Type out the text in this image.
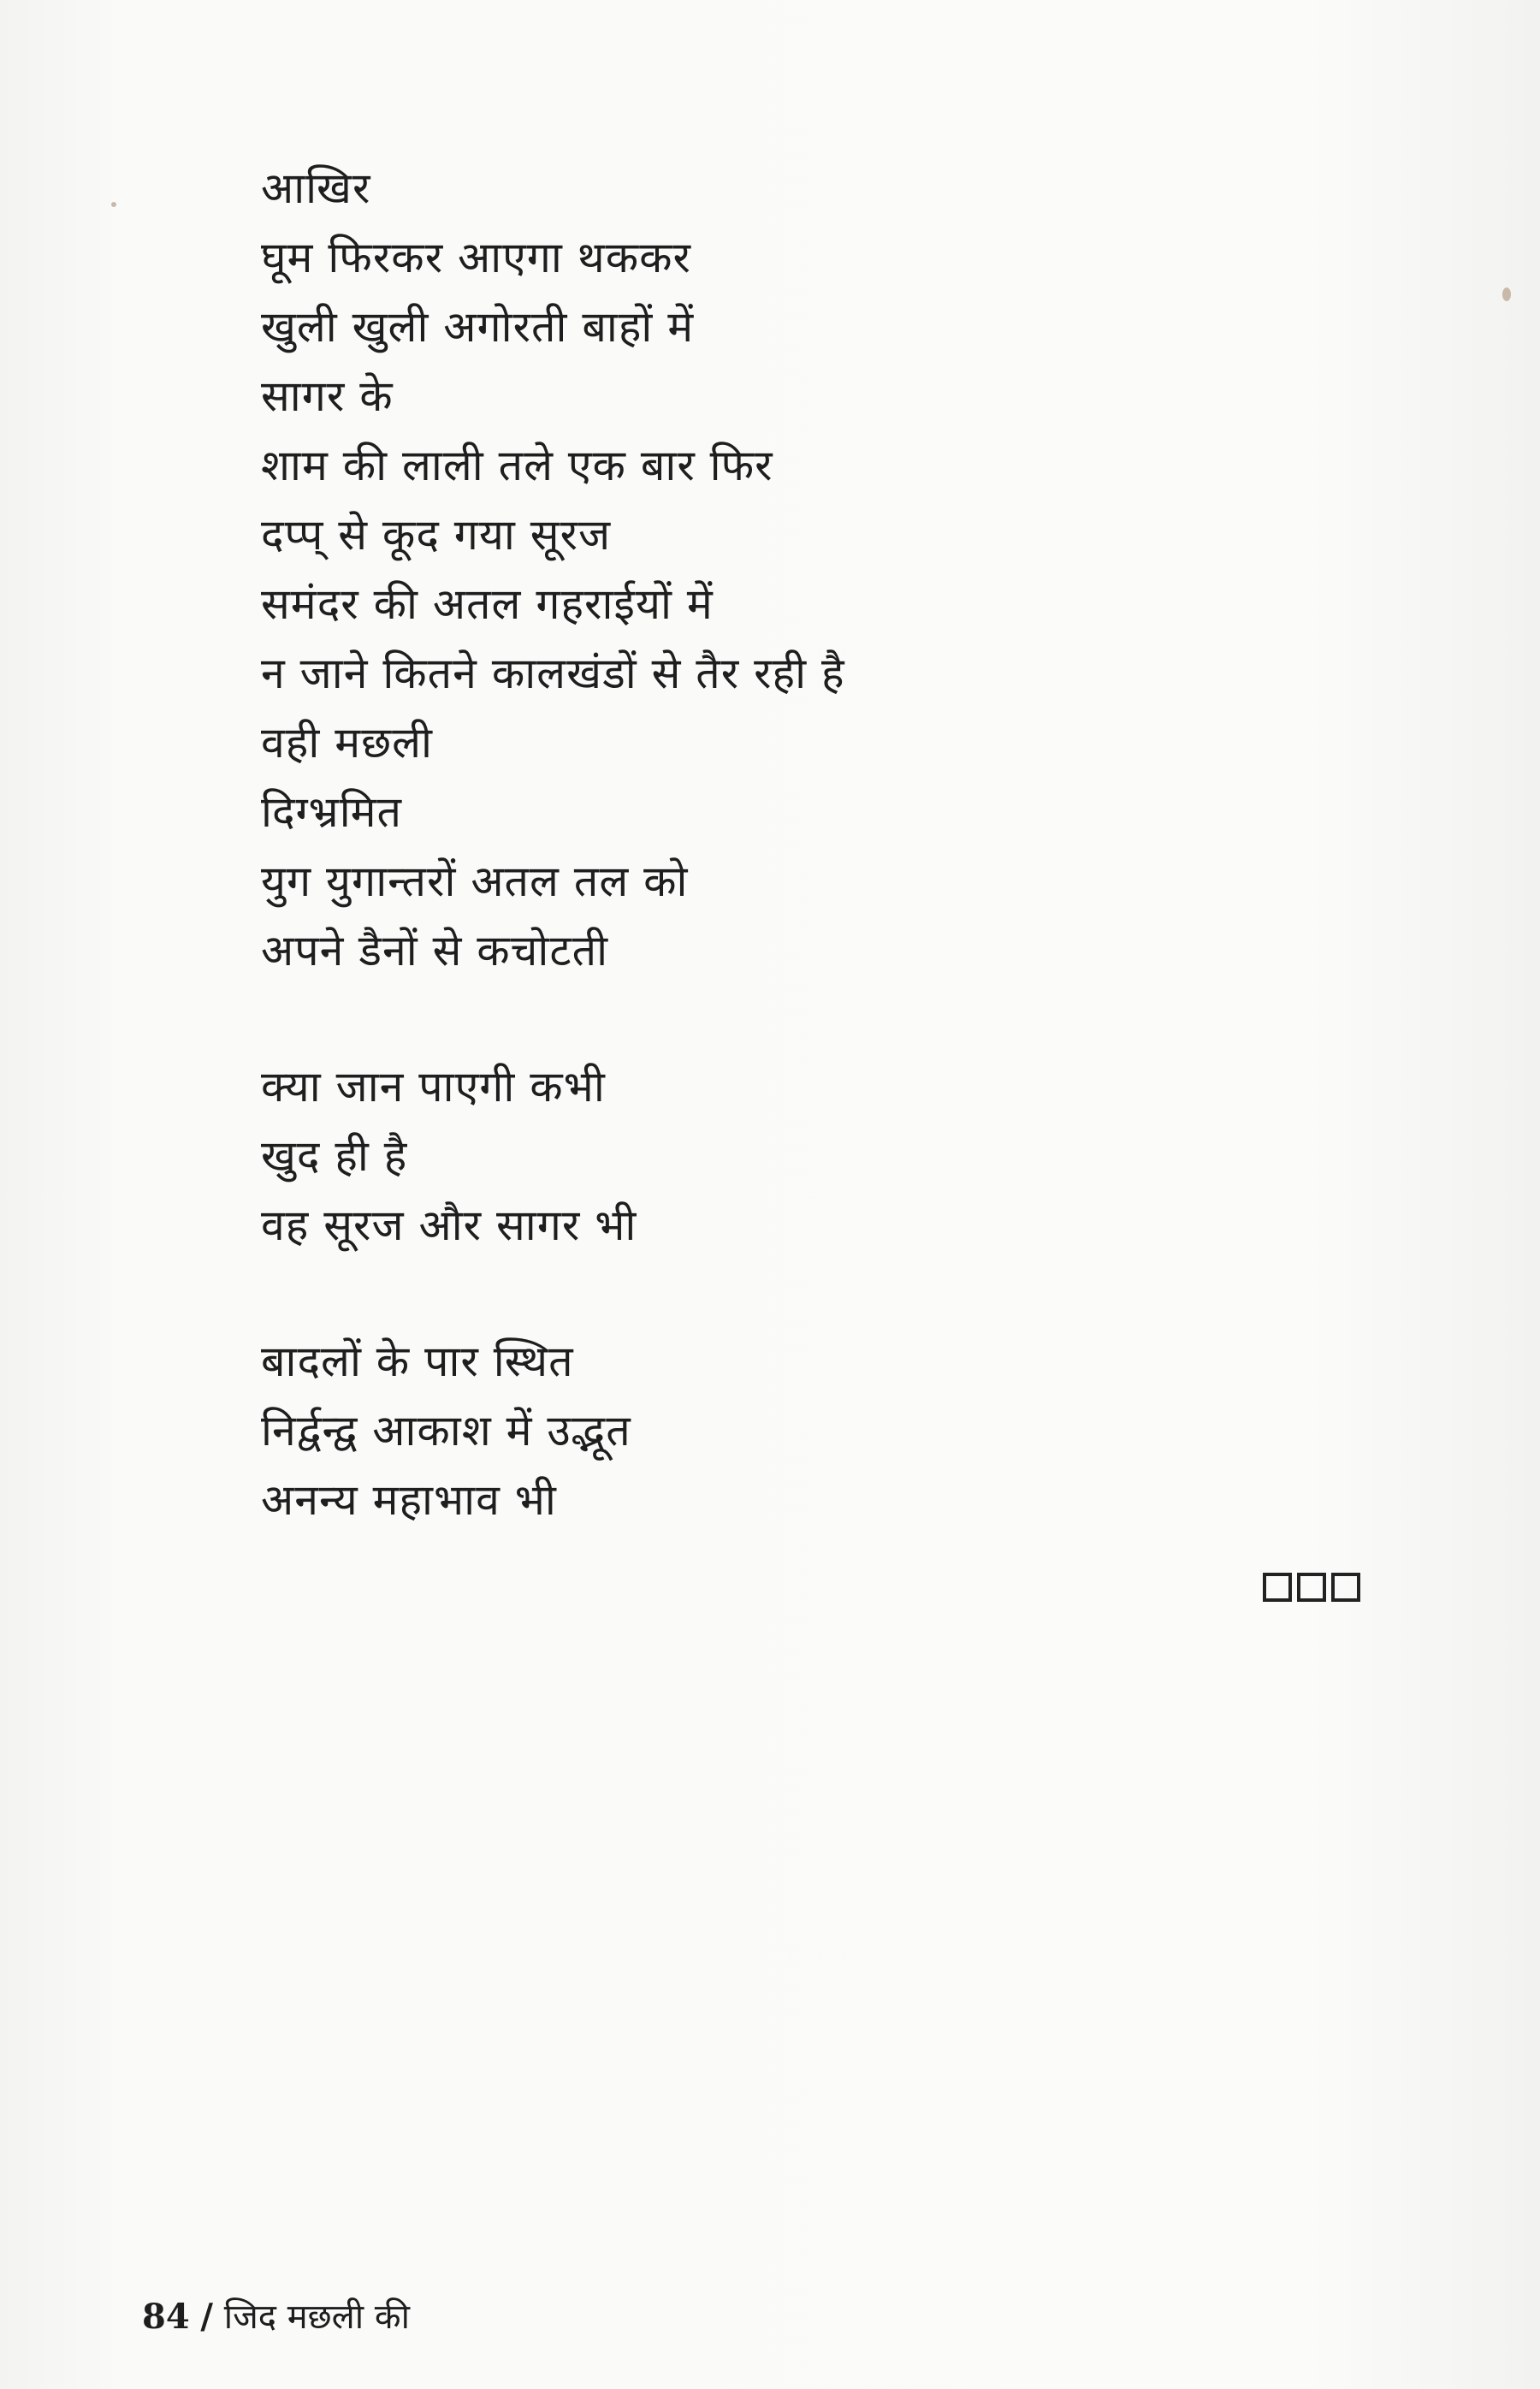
आखिर
घूम फिरकर आएगा थककर
खुली खुली अगोरती बाहों में
सागर के
शाम की लाली तले एक बार फिर
दप्प् से कूद गया सूरज
समंदर की अतल गहराईयों में
न जाने कितने कालखंडों से तैर रही है
वही मछली
दिग्भ्रमित
युग युगान्तरों अतल तल को
अपने डैनों से कचोटती
क्या जान पाएगी कभी
खुद ही है
वह सूरज और सागर भी
बादलों के पार स्थित
निर्द्वन्द्व आकाश में उद्भूत
अनन्य महाभाव भी
84 / जिद मछली की
